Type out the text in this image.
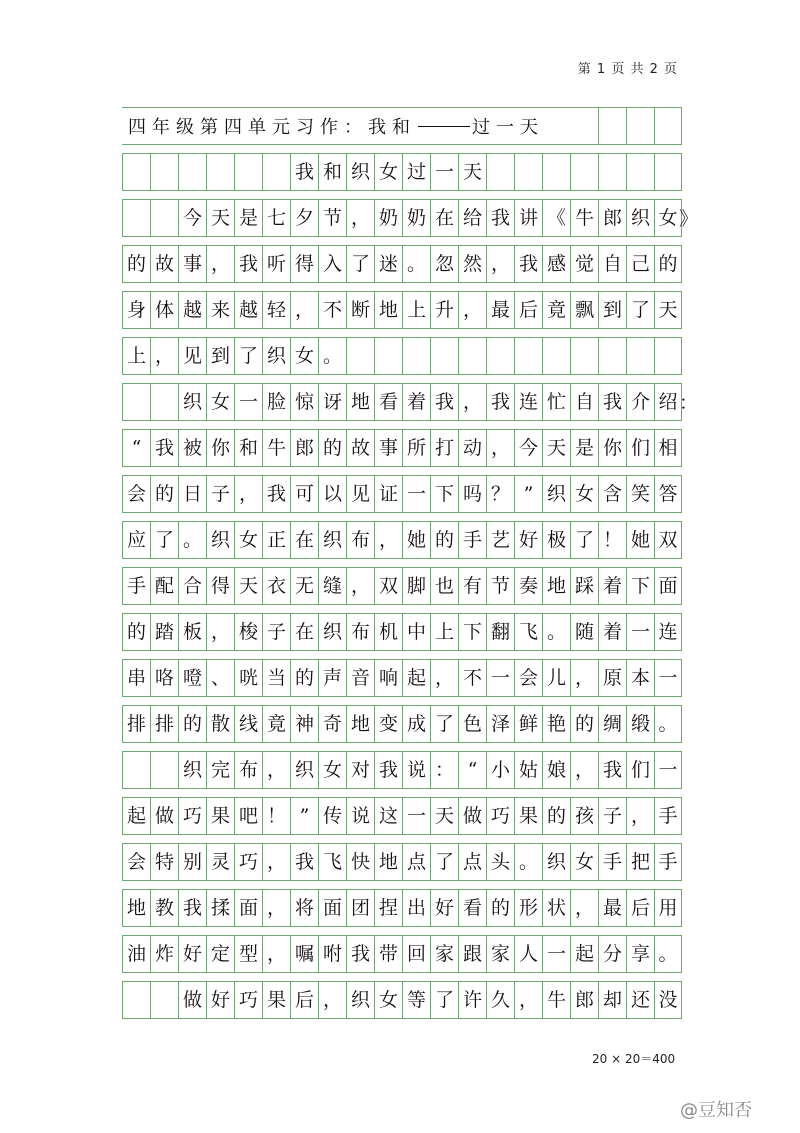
第 1 页 共 2 页
四年级第四单元习作：我和	过一天
我 和 织 女 过 一 天
今 天 是 七 夕 节 ， 奶 奶 在 给 我 讲 《 牛 郎 织 女 》
的 故 事 ， 我 听 得 入 了 迷 。 忽 然 ， 我 感 觉 自 己 的
身 体 越 来 越 轻 ， 不 断 地 上 升 ， 最 后 竟 飘 到 了 天
上 ， 见 到 了 织 女 。
织 女 一 脸 惊 讶 地 看 着 我 ， 我 连 忙 自 我 介 绍 ：
“ 我 被 你 和 牛 郎 的 故 事 所 打 动 ， 今 天 是 你 们 相
会 的 日 子 ， 我 可 以 见 证 一 下 吗 ？ ” 织 女 含 笑 答
应 了 。 织 女 正 在 织 布 ， 她 的 手 艺 好 极 了 ！ 她 双
手 配 合 得 天 衣 无 缝 ， 双 脚 也 有 节 奏 地 踩 着 下 面
的 踏 板 ， 梭 子 在 织 布 机 中 上 下 翻 飞 。 随 着 一 连
串 咯 噔 、 咣 当 的 声 音 响 起 ， 不 一 会 儿 ， 原 本 一
排 排 的 散 线 竟 神 奇 地 变 成 了 色 泽 鲜 艳 的 绸 缎 。
织 完 布 ， 织 女 对 我 说 ： “ 小 姑 娘 ， 我 们 一
起 做 巧 果 吧 ！ ” 传 说 这 一 天 做 巧 果 的 孩 子 ， 手
会 特 别 灵 巧 ， 我 飞 快 地 点 了 点 头 。 织 女 手 把 手
地 教 我 揉 面 ， 将 面 团 捏 出 好 看 的 形 状 ， 最 后 用
油 炸 好 定 型 ， 嘱 咐 我 带 回 家 跟 家 人 一 起 分 享 。
做 好 巧 果 后 ， 织 女 等 了 许 久 ， 牛 郎 却 还 没
20 × 20＝400
@豆知否
